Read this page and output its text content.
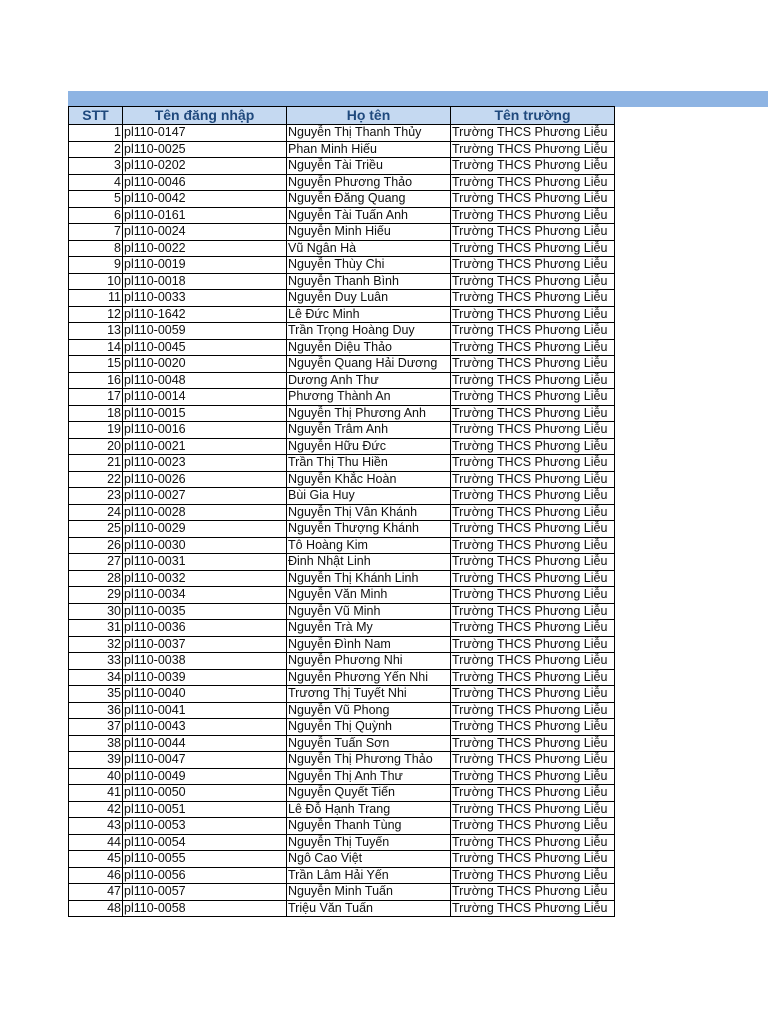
STT	Tên đăng nhập	Họ tên	Tên trường
1	pl110-0147	Nguyễn Thị Thanh Thủy	Trường THCS Phương Liễu
2	pl110-0025	Phan Minh Hiếu	Trường THCS Phương Liễu
3	pl110-0202	Nguyễn Tài Triều	Trường THCS Phương Liễu
4	pl110-0046	Nguyễn Phương Thảo	Trường THCS Phương Liễu
5	pl110-0042	Nguyễn Đăng Quang	Trường THCS Phương Liễu
6	pl110-0161	Nguyễn Tài Tuấn Anh	Trường THCS Phương Liễu
7	pl110-0024	Nguyễn Minh Hiếu	Trường THCS Phương Liễu
8	pl110-0022	Vũ Ngân Hà	Trường THCS Phương Liễu
9	pl110-0019	Nguyễn Thùy Chi	Trường THCS Phương Liễu
10	pl110-0018	Nguyễn Thanh Bình	Trường THCS Phương Liễu
11	pl110-0033	Nguyễn Duy Luân	Trường THCS Phương Liễu
12	pl110-1642	Lê Đức Minh	Trường THCS Phương Liễu
13	pl110-0059	Trần Trọng Hoàng Duy	Trường THCS Phương Liễu
14	pl110-0045	Nguyễn Diệu Thảo	Trường THCS Phương Liễu
15	pl110-0020	Nguyễn Quang Hải Dương	Trường THCS Phương Liễu
16	pl110-0048	Dương Anh Thư	Trường THCS Phương Liễu
17	pl110-0014	Phương Thành An	Trường THCS Phương Liễu
18	pl110-0015	Nguyễn Thị Phương Anh	Trường THCS Phương Liễu
19	pl110-0016	Nguyễn Trâm Anh	Trường THCS Phương Liễu
20	pl110-0021	Nguyễn Hữu Đức	Trường THCS Phương Liễu
21	pl110-0023	Trần Thị Thu Hiền	Trường THCS Phương Liễu
22	pl110-0026	Nguyễn Khắc Hoàn	Trường THCS Phương Liễu
23	pl110-0027	Bùi Gia Huy	Trường THCS Phương Liễu
24	pl110-0028	Nguyễn Thị Vân Khánh	Trường THCS Phương Liễu
25	pl110-0029	Nguyễn Thượng Khánh	Trường THCS Phương Liễu
26	pl110-0030	Tô Hoàng Kim	Trường THCS Phương Liễu
27	pl110-0031	Đinh Nhật Linh	Trường THCS Phương Liễu
28	pl110-0032	Nguyễn Thị Khánh Linh	Trường THCS Phương Liễu
29	pl110-0034	Nguyễn Văn Minh	Trường THCS Phương Liễu
30	pl110-0035	Nguyễn Vũ Minh	Trường THCS Phương Liễu
31	pl110-0036	Nguyễn Trà My	Trường THCS Phương Liễu
32	pl110-0037	Nguyễn Đình Nam	Trường THCS Phương Liễu
33	pl110-0038	Nguyễn Phương Nhi	Trường THCS Phương Liễu
34	pl110-0039	Nguyễn Phương Yến Nhi	Trường THCS Phương Liễu
35	pl110-0040	Trương Thị Tuyết Nhi	Trường THCS Phương Liễu
36	pl110-0041	Nguyễn Vũ Phong	Trường THCS Phương Liễu
37	pl110-0043	Nguyễn Thị Quỳnh	Trường THCS Phương Liễu
38	pl110-0044	Nguyễn Tuấn Sơn	Trường THCS Phương Liễu
39	pl110-0047	Nguyễn Thị Phương Thảo	Trường THCS Phương Liễu
40	pl110-0049	Nguyễn Thị Anh Thư	Trường THCS Phương Liễu
41	pl110-0050	Nguyễn Quyết Tiến	Trường THCS Phương Liễu
42	pl110-0051	Lê Đỗ Hạnh Trang	Trường THCS Phương Liễu
43	pl110-0053	Nguyễn Thanh Tùng	Trường THCS Phương Liễu
44	pl110-0054	Nguyễn Thị Tuyến	Trường THCS Phương Liễu
45	pl110-0055	Ngô Cao Việt	Trường THCS Phương Liễu
46	pl110-0056	Trần Lâm Hải Yến	Trường THCS Phương Liễu
47	pl110-0057	Nguyễn Minh Tuấn	Trường THCS Phương Liễu
48	pl110-0058	Triệu Văn Tuấn	Trường THCS Phương Liễu
